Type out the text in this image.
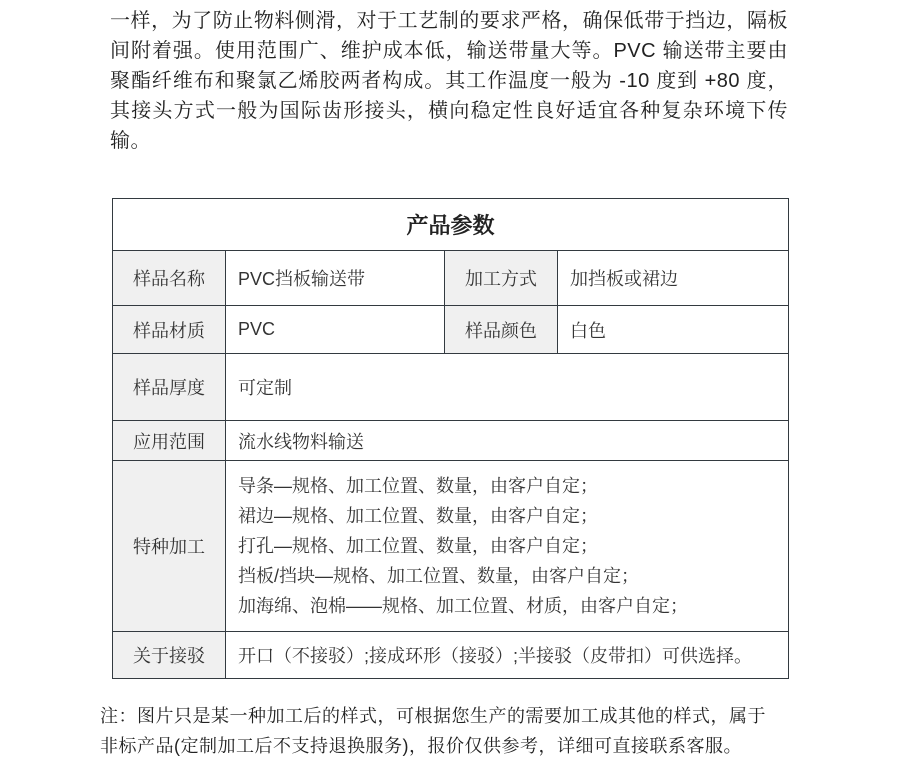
一样，为了防止物料侧滑，对于工艺制的要求严格，确保低带于挡边，隔板间附着强。使用范围广、维护成本低，输送带量大等。PVC 输送带主要由聚酯纤维布和聚氯乙烯胶两者构成。其工作温度一般为 -10 度到 +80 度，其接头方式一般为国际齿形接头，横向稳定性良好适宜各种复杂环境下传输。

产品参数			
样品名称	PVC挡板输送带	加工方式	加挡板或裙边
样品材质	PVC	样品颜色	白色
样品厚度	可定制		
应用范围	流水线物料输送		
特种加工	导条—规格、加工位置、数量，由客户自定；
裙边—规格、加工位置、数量，由客户自定；
打孔—规格、加工位置、数量，由客户自定；
挡板/挡块—规格、加工位置、数量，由客户自定；
加海绵、泡棉——规格、加工位置、材质，由客户自定；		

关于接驳	开口（不接驳）;接成环形（接驳）;半接驳（皮带扣）可供选择。		

注：图片只是某一种加工后的样式，可根据您生产的需要加工成其他的样式，属于非标产品(定制加工后不支持退换服务)，报价仅供参考，详细可直接联系客服。
